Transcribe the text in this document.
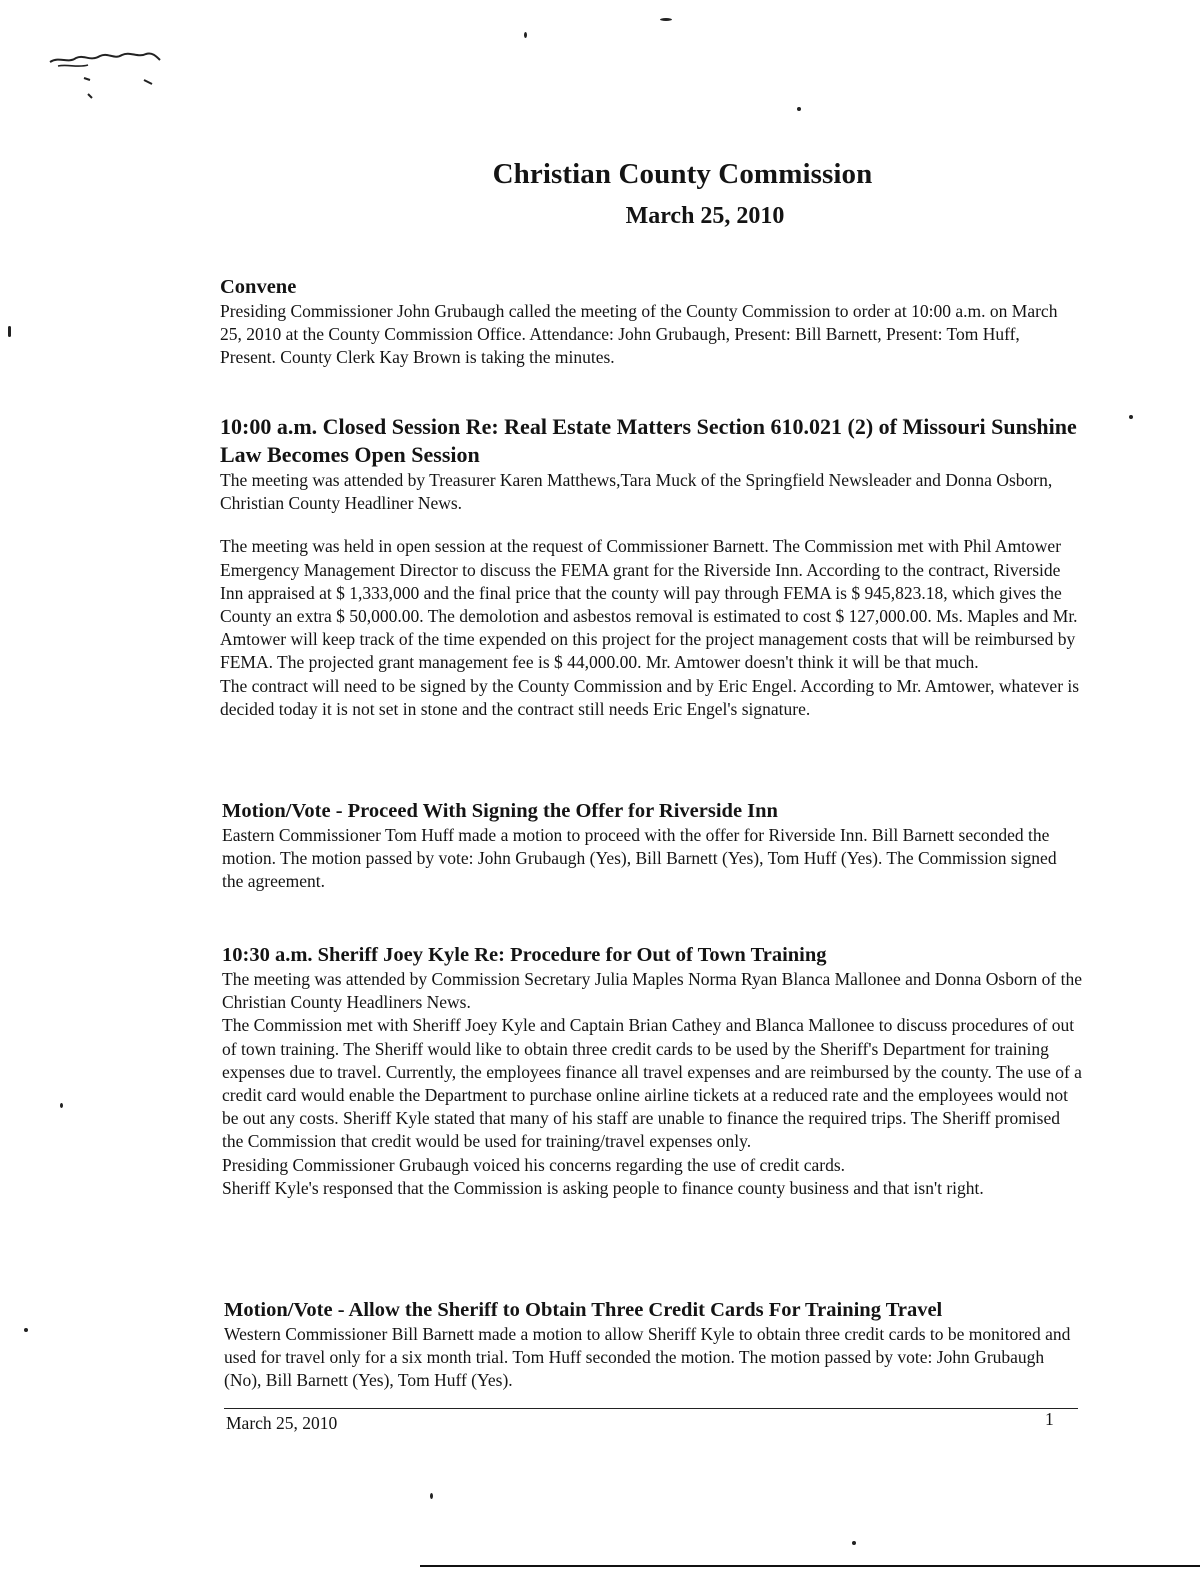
Christian County Commission
March 25, 2010
Convene

Presiding Commissioner John Grubaugh called the meeting of the County Commission to order at 10:00 a.m. on March 25, 2010 at the County Commission Office. Attendance: John Grubaugh, Present: Bill Barnett, Present: Tom Huff, Present. County Clerk Kay Brown is taking the minutes.

10:00 a.m. Closed Session Re: Real Estate Matters Section 610.021 (2) of Missouri Sunshine Law Becomes Open Session

The meeting was attended by Treasurer Karen Matthews,Tara Muck of the Springfield Newsleader and Donna Osborn, Christian County Headliner News.

The meeting was held in open session at the request of Commissioner Barnett. The Commission met with Phil Amtower Emergency Management Director to discuss the FEMA grant for the Riverside Inn. According to the contract, Riverside Inn appraised at $ 1,333,000 and the final price that the county will pay through FEMA is $ 945,823.18, which gives the County an extra $ 50,000.00. The demolotion and asbestos removal is estimated to cost $ 127,000.00. Ms. Maples and Mr. Amtower will keep track of the time expended on this project for the project management costs that will be reimbursed by FEMA. The projected grant management fee is $ 44,000.00. Mr. Amtower doesn't think it will be that much.

The contract will need to be signed by the County Commission and by Eric Engel. According to Mr. Amtower, whatever is decided today it is not set in stone and the contract still needs Eric Engel's signature.

Motion/Vote - Proceed With Signing the Offer for Riverside Inn

Eastern Commissioner Tom Huff made a motion to proceed with the offer for Riverside Inn. Bill Barnett seconded the motion. The motion passed by vote: John Grubaugh (Yes), Bill Barnett (Yes), Tom Huff (Yes). The Commission signed the agreement.

10:30 a.m. Sheriff Joey Kyle Re: Procedure for Out of Town Training

The meeting was attended by Commission Secretary Julia Maples Norma Ryan Blanca Mallonee and Donna Osborn of the Christian County Headliners News.

The Commission met with Sheriff Joey Kyle and Captain Brian Cathey and Blanca Mallonee to discuss procedures of out of town training. The Sheriff would like to obtain three credit cards to be used by the Sheriff's Department for training expenses due to travel. Currently, the employees finance all travel expenses and are reimbursed by the county. The use of a credit card would enable the Department to purchase online airline tickets at a reduced rate and the employees would not be out any costs. Sheriff Kyle stated that many of his staff are unable to finance the required trips. The Sheriff promised the Commission that credit would be used for training/travel expenses only.

Presiding Commissioner Grubaugh voiced his concerns regarding the use of credit cards.

Sheriff Kyle's responsed that the Commission is asking people to finance county business and that isn't right.

Motion/Vote - Allow the Sheriff to Obtain Three Credit Cards For Training Travel

Western Commissioner Bill Barnett made a motion to allow Sheriff Kyle to obtain three credit cards to be monitored and used for travel only for a six month trial. Tom Huff seconded the motion. The motion passed by vote: John Grubaugh (No), Bill Barnett (Yes), Tom Huff (Yes).

March 25, 2010	1
